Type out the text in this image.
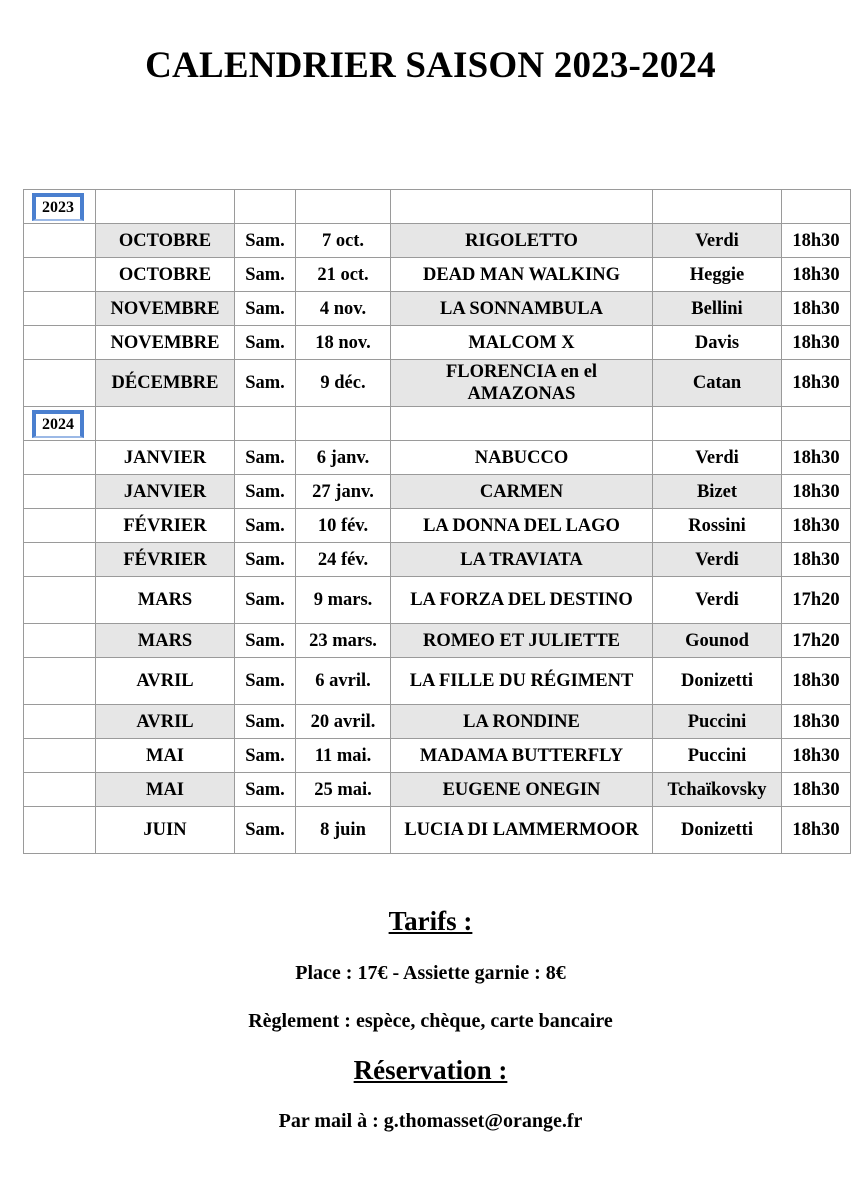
CALENDRIER SAISON 2023-2024
2023						
	OCTOBRE	Sam.	7 oct.	RIGOLETTO	Verdi	18h30
	OCTOBRE	Sam.	21 oct.	DEAD MAN WALKING	Heggie	18h30
	NOVEMBRE	Sam.	4 nov.	LA SONNAMBULA	Bellini	18h30
	NOVEMBRE	Sam.	18 nov.	MALCOM X	Davis	18h30
	DÉCEMBRE	Sam.	9 déc.	FLORENCIA en el AMAZONAS	Catan	18h30
2024						
	JANVIER	Sam.	6 janv.	NABUCCO	Verdi	18h30
	JANVIER	Sam.	27 janv.	CARMEN	Bizet	18h30
	FÉVRIER	Sam.	10 fév.	LA DONNA DEL LAGO	Rossini	18h30
	FÉVRIER	Sam.	24 fév.	LA TRAVIATA	Verdi	18h30
	MARS	Sam.	9 mars.	LA FORZA DEL DESTINO	Verdi	17h20
	MARS	Sam.	23 mars.	ROMEO ET JULIETTE	Gounod	17h20
	AVRIL	Sam.	6 avril.	LA FILLE DU RÉGIMENT	Donizetti	18h30
	AVRIL	Sam.	20 avril.	LA RONDINE	Puccini	18h30
	MAI	Sam.	11 mai.	MADAMA BUTTERFLY	Puccini	18h30
	MAI	Sam.	25 mai.	EUGENE ONEGIN	Tchaïkovsky	18h30
	JUIN	Sam.	8 juin	LUCIA DI LAMMERMOOR	Donizetti	18h30

Tarifs :

Place : 17€ - Assiette garnie : 8€

Règlement : espèce, chèque, carte bancaire

Réservation :

Par mail à : g.thomasset@orange.fr
